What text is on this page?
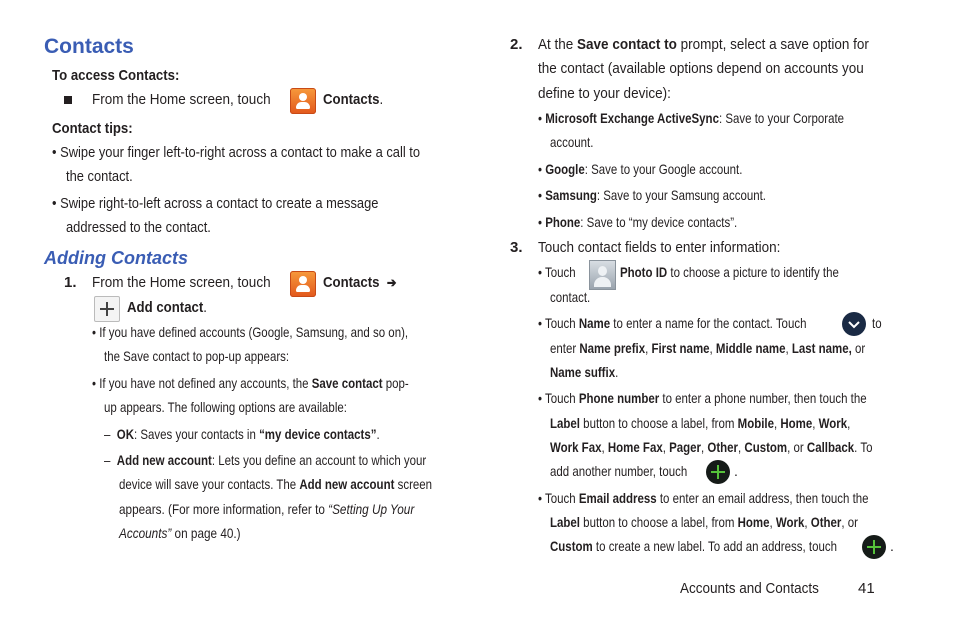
Contacts
To access Contacts:
From the Home screen, touch	Contacts.
Contact tips:
• Swipe your finger left-to-right across a contact to make a call to
the contact.
• Swipe right-to-left across a contact to create a message
addressed to the contact.
Adding Contacts
1. From the Home screen, touch	Contacts ➔
Add contact.
• If you have defined accounts (Google, Samsung, and so on),
the Save contact to pop-up appears:
• If you have not defined any accounts, the Save contact pop-
up appears. The following options are available:
– OK: Saves your contacts in “my device contacts”.
– Add new account: Lets you define an account to which your
device will save your contacts. The Add new account screen
appears. (For more information, refer to “Setting Up Your
Accounts” on page 40.)
2. At the Save contact to prompt, select a save option for
the contact (available options depend on accounts you
define to your device):
• Microsoft Exchange ActiveSync: Save to your Corporate
account.
• Google: Save to your Google account.
• Samsung: Save to your Samsung account.
• Phone: Save to “my device contacts”.
3. Touch contact fields to enter information:
• Touch	Photo ID to choose a picture to identify the
contact.
• Touch Name to enter a name for the contact. Touch	to
enter Name prefix, First name, Middle name, Last name, or
Name suffix.
• Touch Phone number to enter a phone number, then touch the
Label button to choose a label, from Mobile, Home, Work,
Work Fax, Home Fax, Pager, Other, Custom, or Callback. To
add another number, touch	.
• Touch Email address to enter an email address, then touch the
Label button to choose a label, from Home, Work, Other, or
Custom to create a new label. To add an address, touch	.
Accounts and Contacts	41
